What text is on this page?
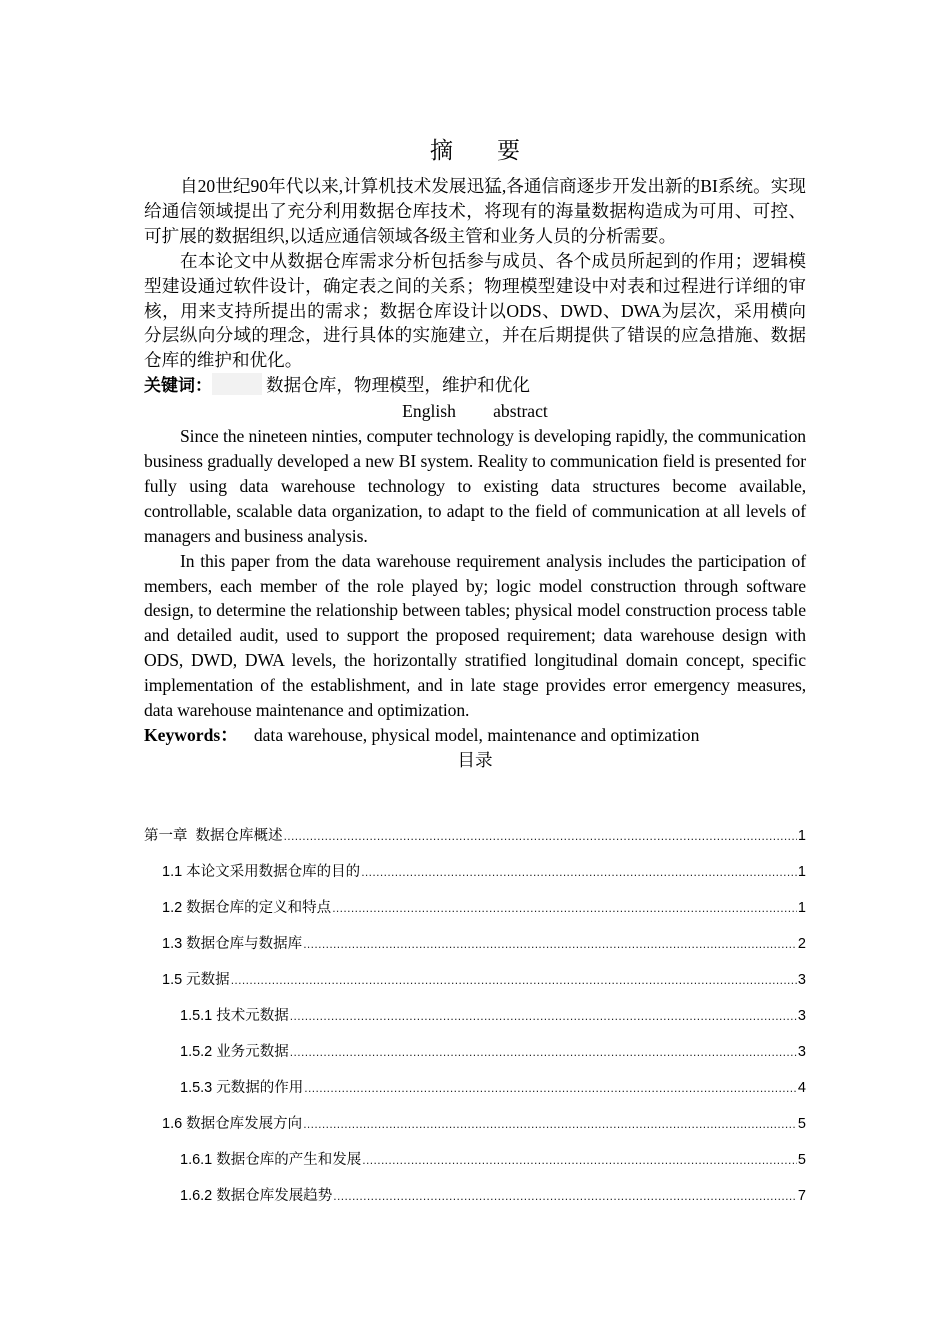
摘 要

自20世纪90年代以来,计算机技术发展迅猛,各通信商逐步开发出新的BI系统。实现给通信领域提出了充分利用数据仓库技术，将现有的海量数据构造成为可用、可控、可扩展的数据组织,以适应通信领域各级主管和业务人员的分析需要。

在本论文中从数据仓库需求分析包括参与成员、各个成员所起到的作用；逻辑模型建设通过软件设计，确定表之间的关系；物理模型建设中对表和过程进行详细的审核，用来支持所提出的需求；数据仓库设计以ODS、DWD、DWA为层次，采用横向分层纵向分域的理念，进行具体的实施建立，并在后期提供了错误的应急措施、数据仓库的维护和优化。

关键词：	数据仓库，物理模型，维护和优化

English   abstract

Since the nineteen ninties, computer technology is developing rapidly, the communication business gradually developed a new BI system. Reality to communication field is presented for fully using data warehouse technology to existing data structures become available, controllable, scalable data organization, to adapt to the field of communication at all levels of managers and business analysis.

In this paper from the data warehouse requirement analysis includes the participation of members, each member of the role played by; logic model construction through software design, to determine the relationship between tables; physical model construction process table and detailed audit, used to support the proposed requirement; data warehouse design with ODS, DWD, DWA levels, the horizontally stratified longitudinal domain concept, specific implementation of the establishment, and in late stage provides error emergency measures, data warehouse maintenance and optimization.

Keywords： data warehouse, physical model, maintenance and optimization

目录

第一章  数据仓库概述 .....	1
1.1 本论文采用数据仓库的目的 .....	1
1.2 数据仓库的定义和特点 .....	1
1.3 数据仓库与数据库 .....	2
1.5 元数据 .....	3
1.5.1 技术元数据 .....	3
1.5.2 业务元数据 .....	3
1.5.3 元数据的作用 .....	4
1.6 数据仓库发展方向 .....	5
1.6.1 数据仓库的产生和发展 .....	5
1.6.2 数据仓库发展趋势 .....	7
